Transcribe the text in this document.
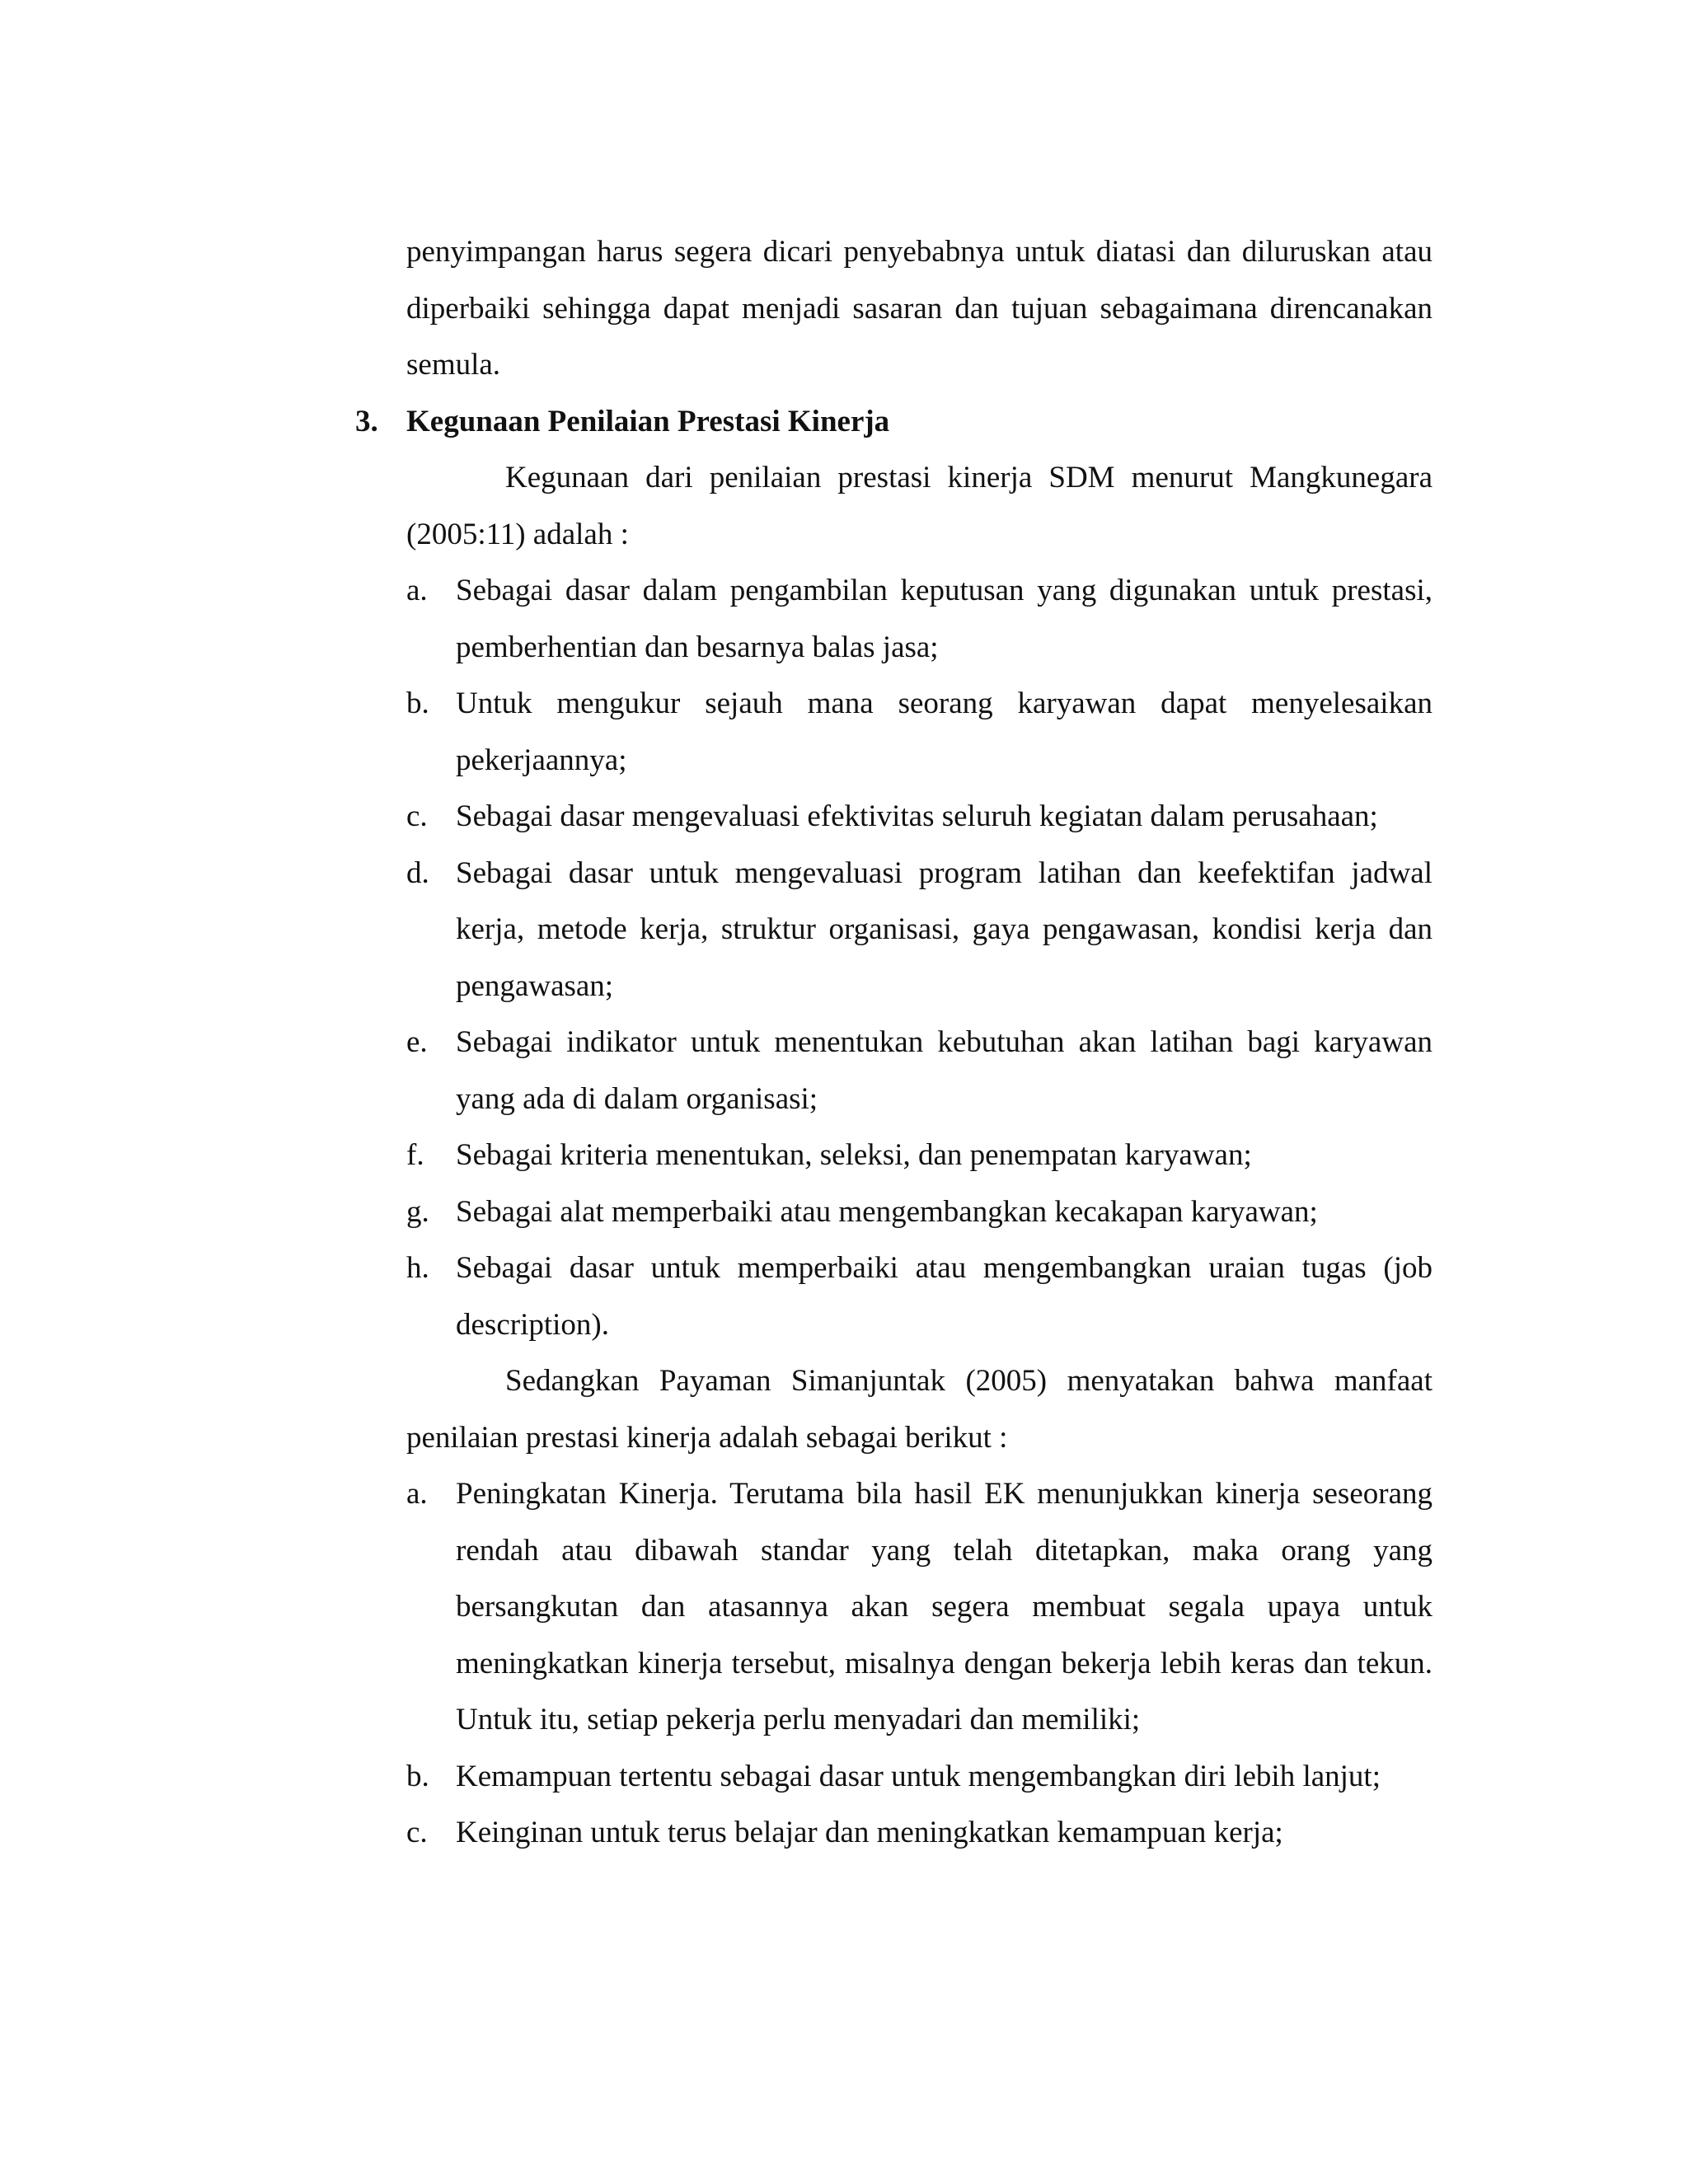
penyimpangan harus segera dicari penyebabnya untuk diatasi dan diluruskan atau diperbaiki sehingga dapat menjadi sasaran dan tujuan sebagaimana direncanakan semula.

3. Kegunaan Penilaian Prestasi Kinerja

Kegunaan dari penilaian prestasi kinerja SDM menurut Mangkunegara (2005:11) adalah :

a. Sebagai dasar dalam pengambilan keputusan yang digunakan untuk prestasi, pemberhentian dan besarnya balas jasa;
b. Untuk mengukur sejauh mana seorang karyawan dapat menyelesaikan pekerjaannya;
c. Sebagai dasar mengevaluasi efektivitas seluruh kegiatan dalam perusahaan;
d. Sebagai dasar untuk mengevaluasi program latihan dan keefektifan jadwal kerja, metode kerja, struktur organisasi, gaya pengawasan, kondisi kerja dan pengawasan;
e. Sebagai indikator untuk menentukan kebutuhan akan latihan bagi karyawan yang ada di dalam organisasi;
f. Sebagai kriteria menentukan, seleksi, dan penempatan karyawan;
g. Sebagai alat memperbaiki atau mengembangkan kecakapan karyawan;
h. Sebagai dasar untuk memperbaiki atau mengembangkan uraian tugas (job description).

Sedangkan Payaman Simanjuntak (2005) menyatakan bahwa manfaat penilaian prestasi kinerja adalah sebagai berikut :

a. Peningkatan Kinerja. Terutama bila hasil EK menunjukkan kinerja seseorang rendah atau dibawah standar yang telah ditetapkan, maka orang yang bersangkutan dan atasannya akan segera membuat segala upaya untuk meningkatkan kinerja tersebut, misalnya dengan bekerja lebih keras dan tekun. Untuk itu, setiap pekerja perlu menyadari dan memiliki;
b. Kemampuan tertentu sebagai dasar untuk mengembangkan diri lebih lanjut;
c. Keinginan untuk terus belajar dan meningkatkan kemampuan kerja;
